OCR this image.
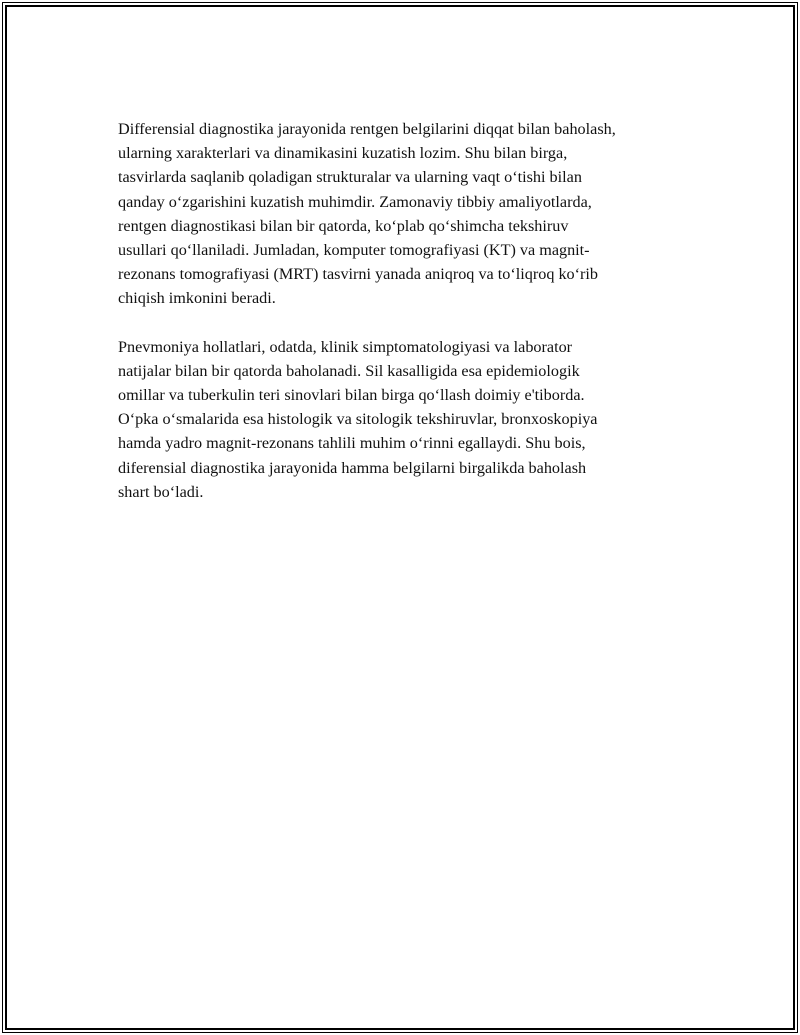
Differensial diagnostika jarayonida rentgen belgilarini diqqat bilan baholash,
ularning xarakterlari va dinamikasini kuzatish lozim. Shu bilan birga,
tasvirlarda saqlanib qoladigan strukturalar va ularning vaqt o‘tishi bilan
qanday o‘zgarishini kuzatish muhimdir. Zamonaviy tibbiy amaliyotlarda,
rentgen diagnostikasi bilan bir qatorda, ko‘plab qo‘shimcha tekshiruv
usullari qo‘llaniladi. Jumladan, komputer tomografiyasi (KT) va magnit-
rezonans tomografiyasi (MRT) tasvirni yanada aniqroq va to‘liqroq ko‘rib
chiqish imkonini beradi.

Pnevmoniya hollatlari, odatda, klinik simptomatologiyasi va laborator
natijalar bilan bir qatorda baholanadi. Sil kasalligida esa epidemiologik
omillar va tuberkulin teri sinovlari bilan birga qo‘llash doimiy e'tiborda.
O‘pka o‘smalarida esa histologik va sitologik tekshiruvlar, bronxoskopiya
hamda yadro magnit-rezonans tahlili muhim o‘rinni egallaydi. Shu bois,
diferensial diagnostika jarayonida hamma belgilarni birgalikda baholash
shart bo‘ladi.
